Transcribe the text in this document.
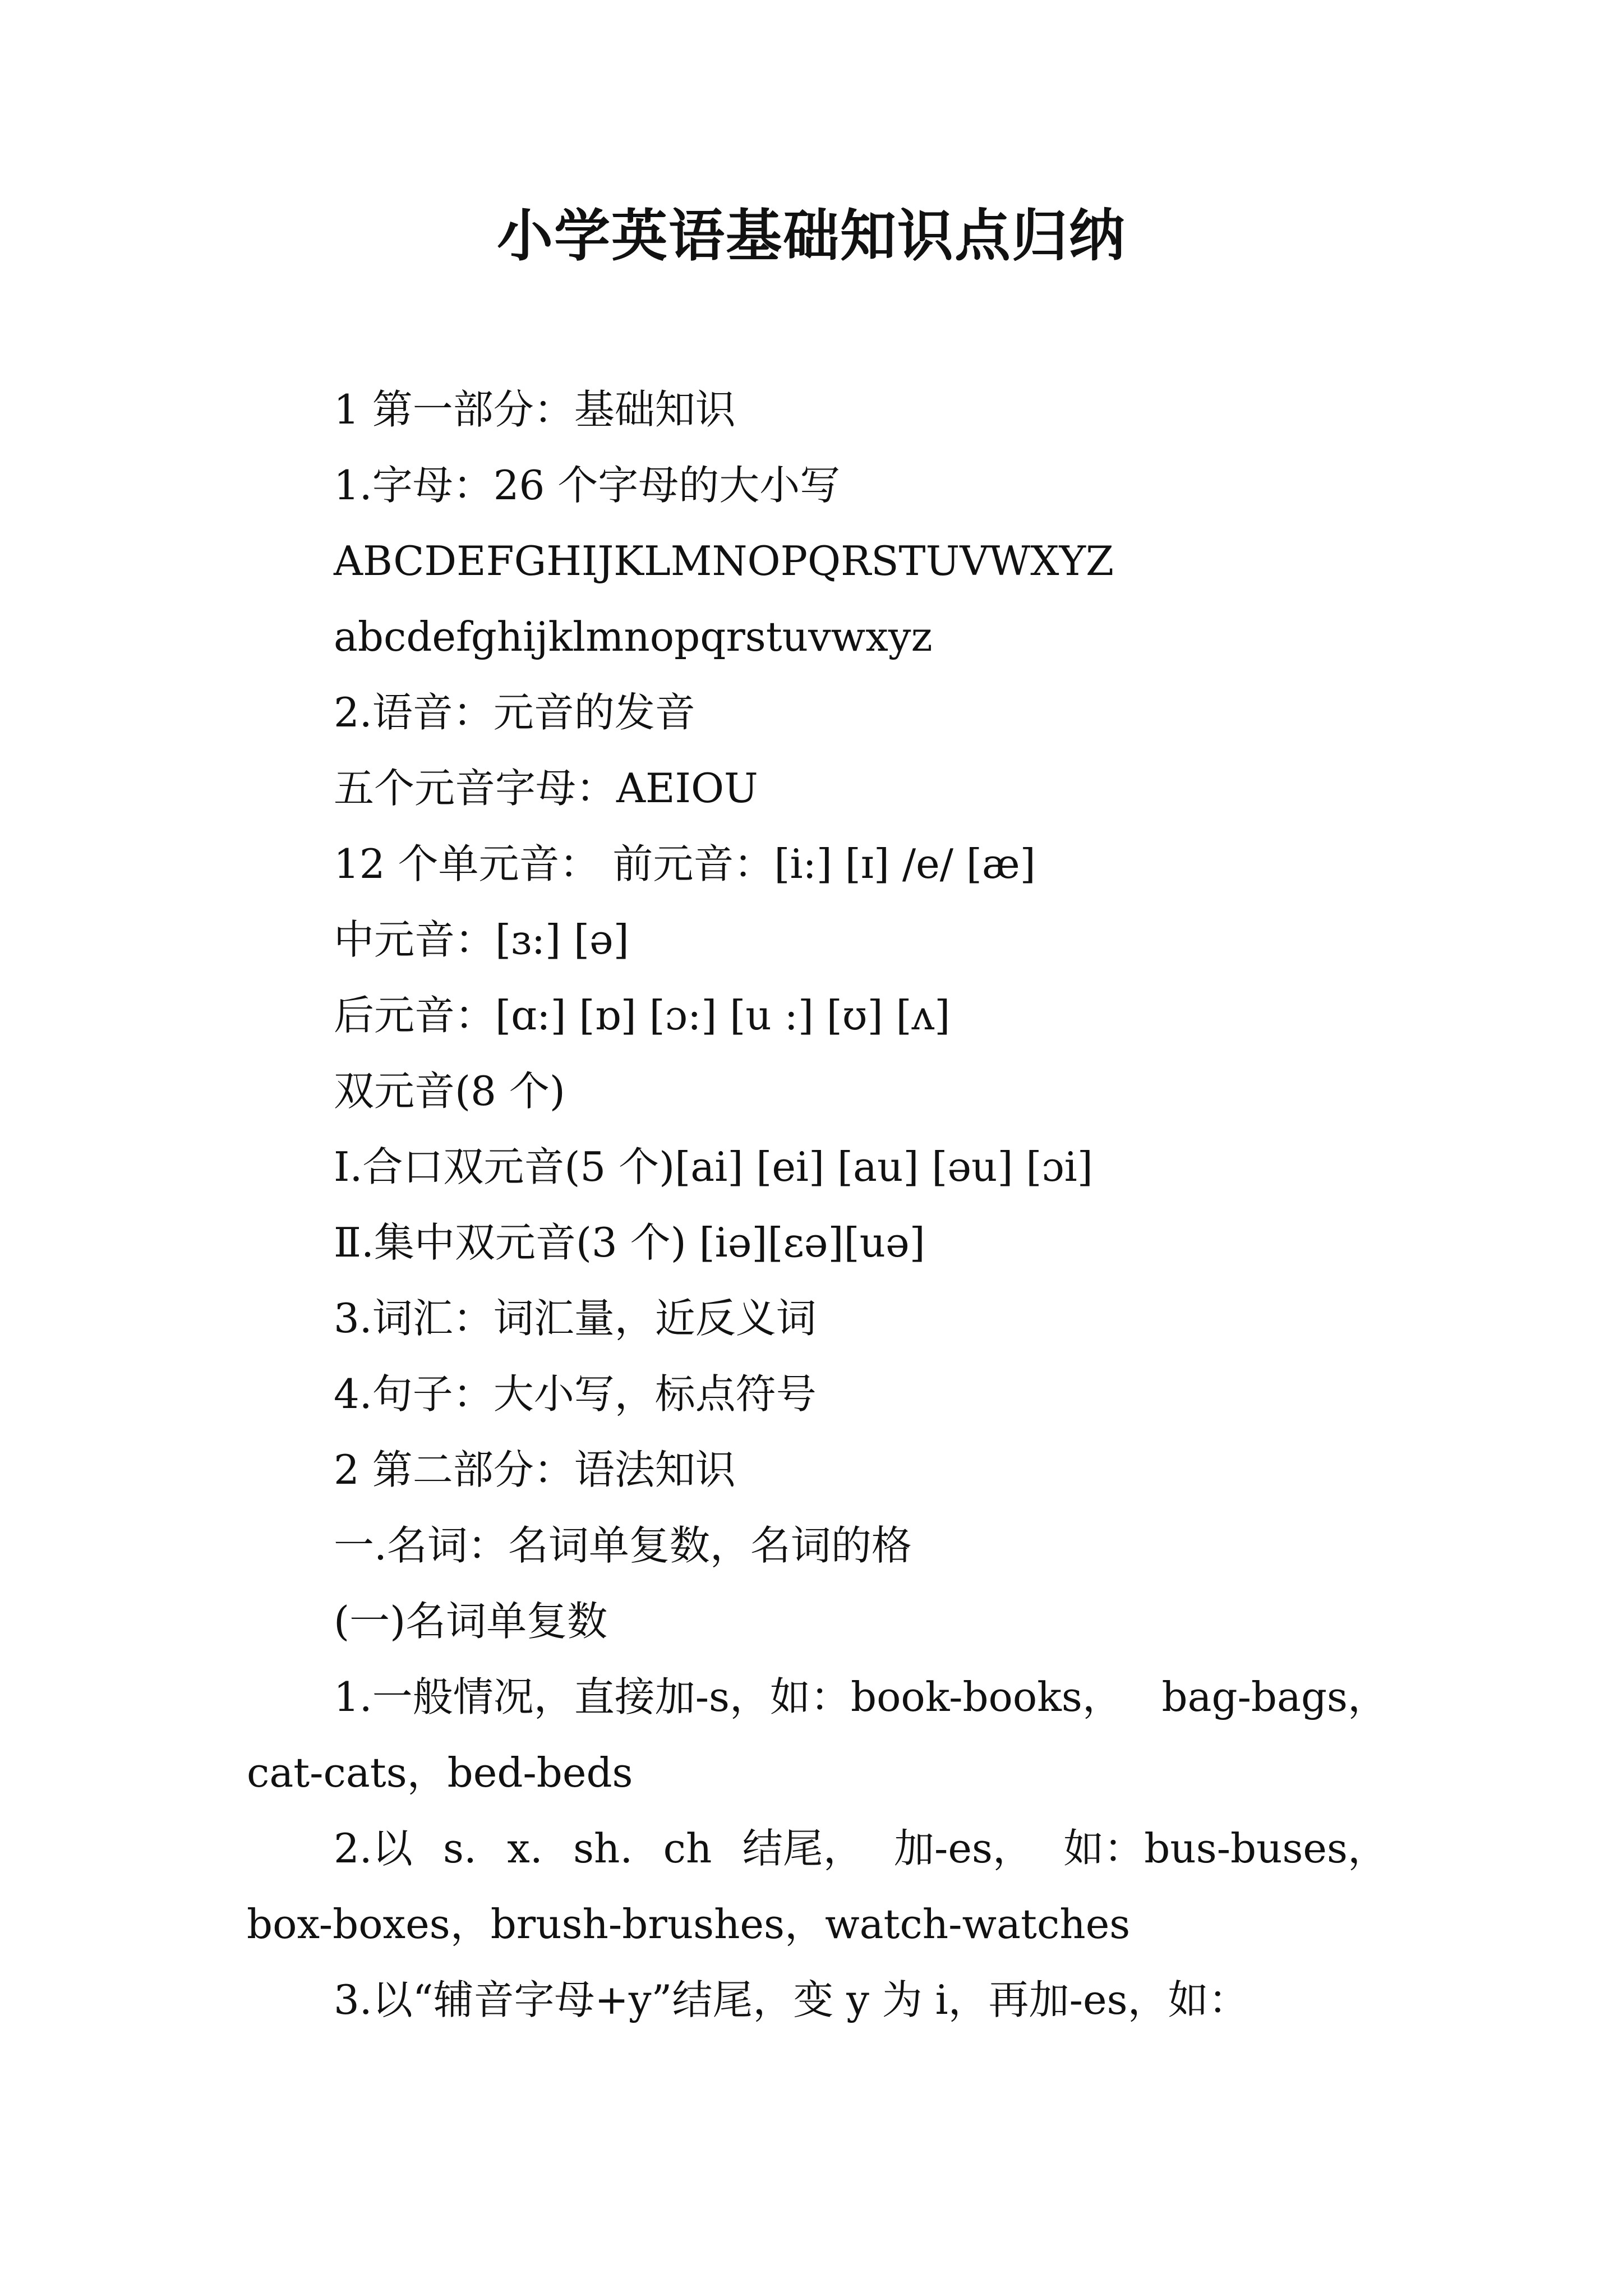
小学英语基础知识点归纳
1 第一部分：基础知识
1.字母：26 个字母的大小写
ABCDEFGHIJKLMNOPQRSTUVWXYZ
abcdefghijklmnopqrstuvwxyz
2.语音：元音的发音
五个元音字母：AEIOU
12 个单元音： 前元音：[i:] [ɪ] /e/ [æ]
中元音：[ɜ:] [ə]
后元音：[ɑ:] [ɒ] [ɔ:] [u :] [ʊ] [ʌ]
双元音(8 个)
Ⅰ.合口双元音(5 个)[ai] [ei] [au] [əu] [ɔi]
Ⅱ.集中双元音(3 个) [iə][ɛə][uə]
3.词汇：词汇量，近反义词
4.句子：大小写，标点符号
2 第二部分：语法知识
一.名词：名词单复数，名词的格
(一)名词单复数
1.一般情况，直接加-s，如：book-books， bag-bags，
cat-cats，bed-beds
2.以 s. x. sh. ch 结尾， 加-es， 如：bus-buses，
box-boxes，brush-brushes，watch-watches
3.以“辅音字母+y”结尾，变 y 为 i，再加-es，如：
